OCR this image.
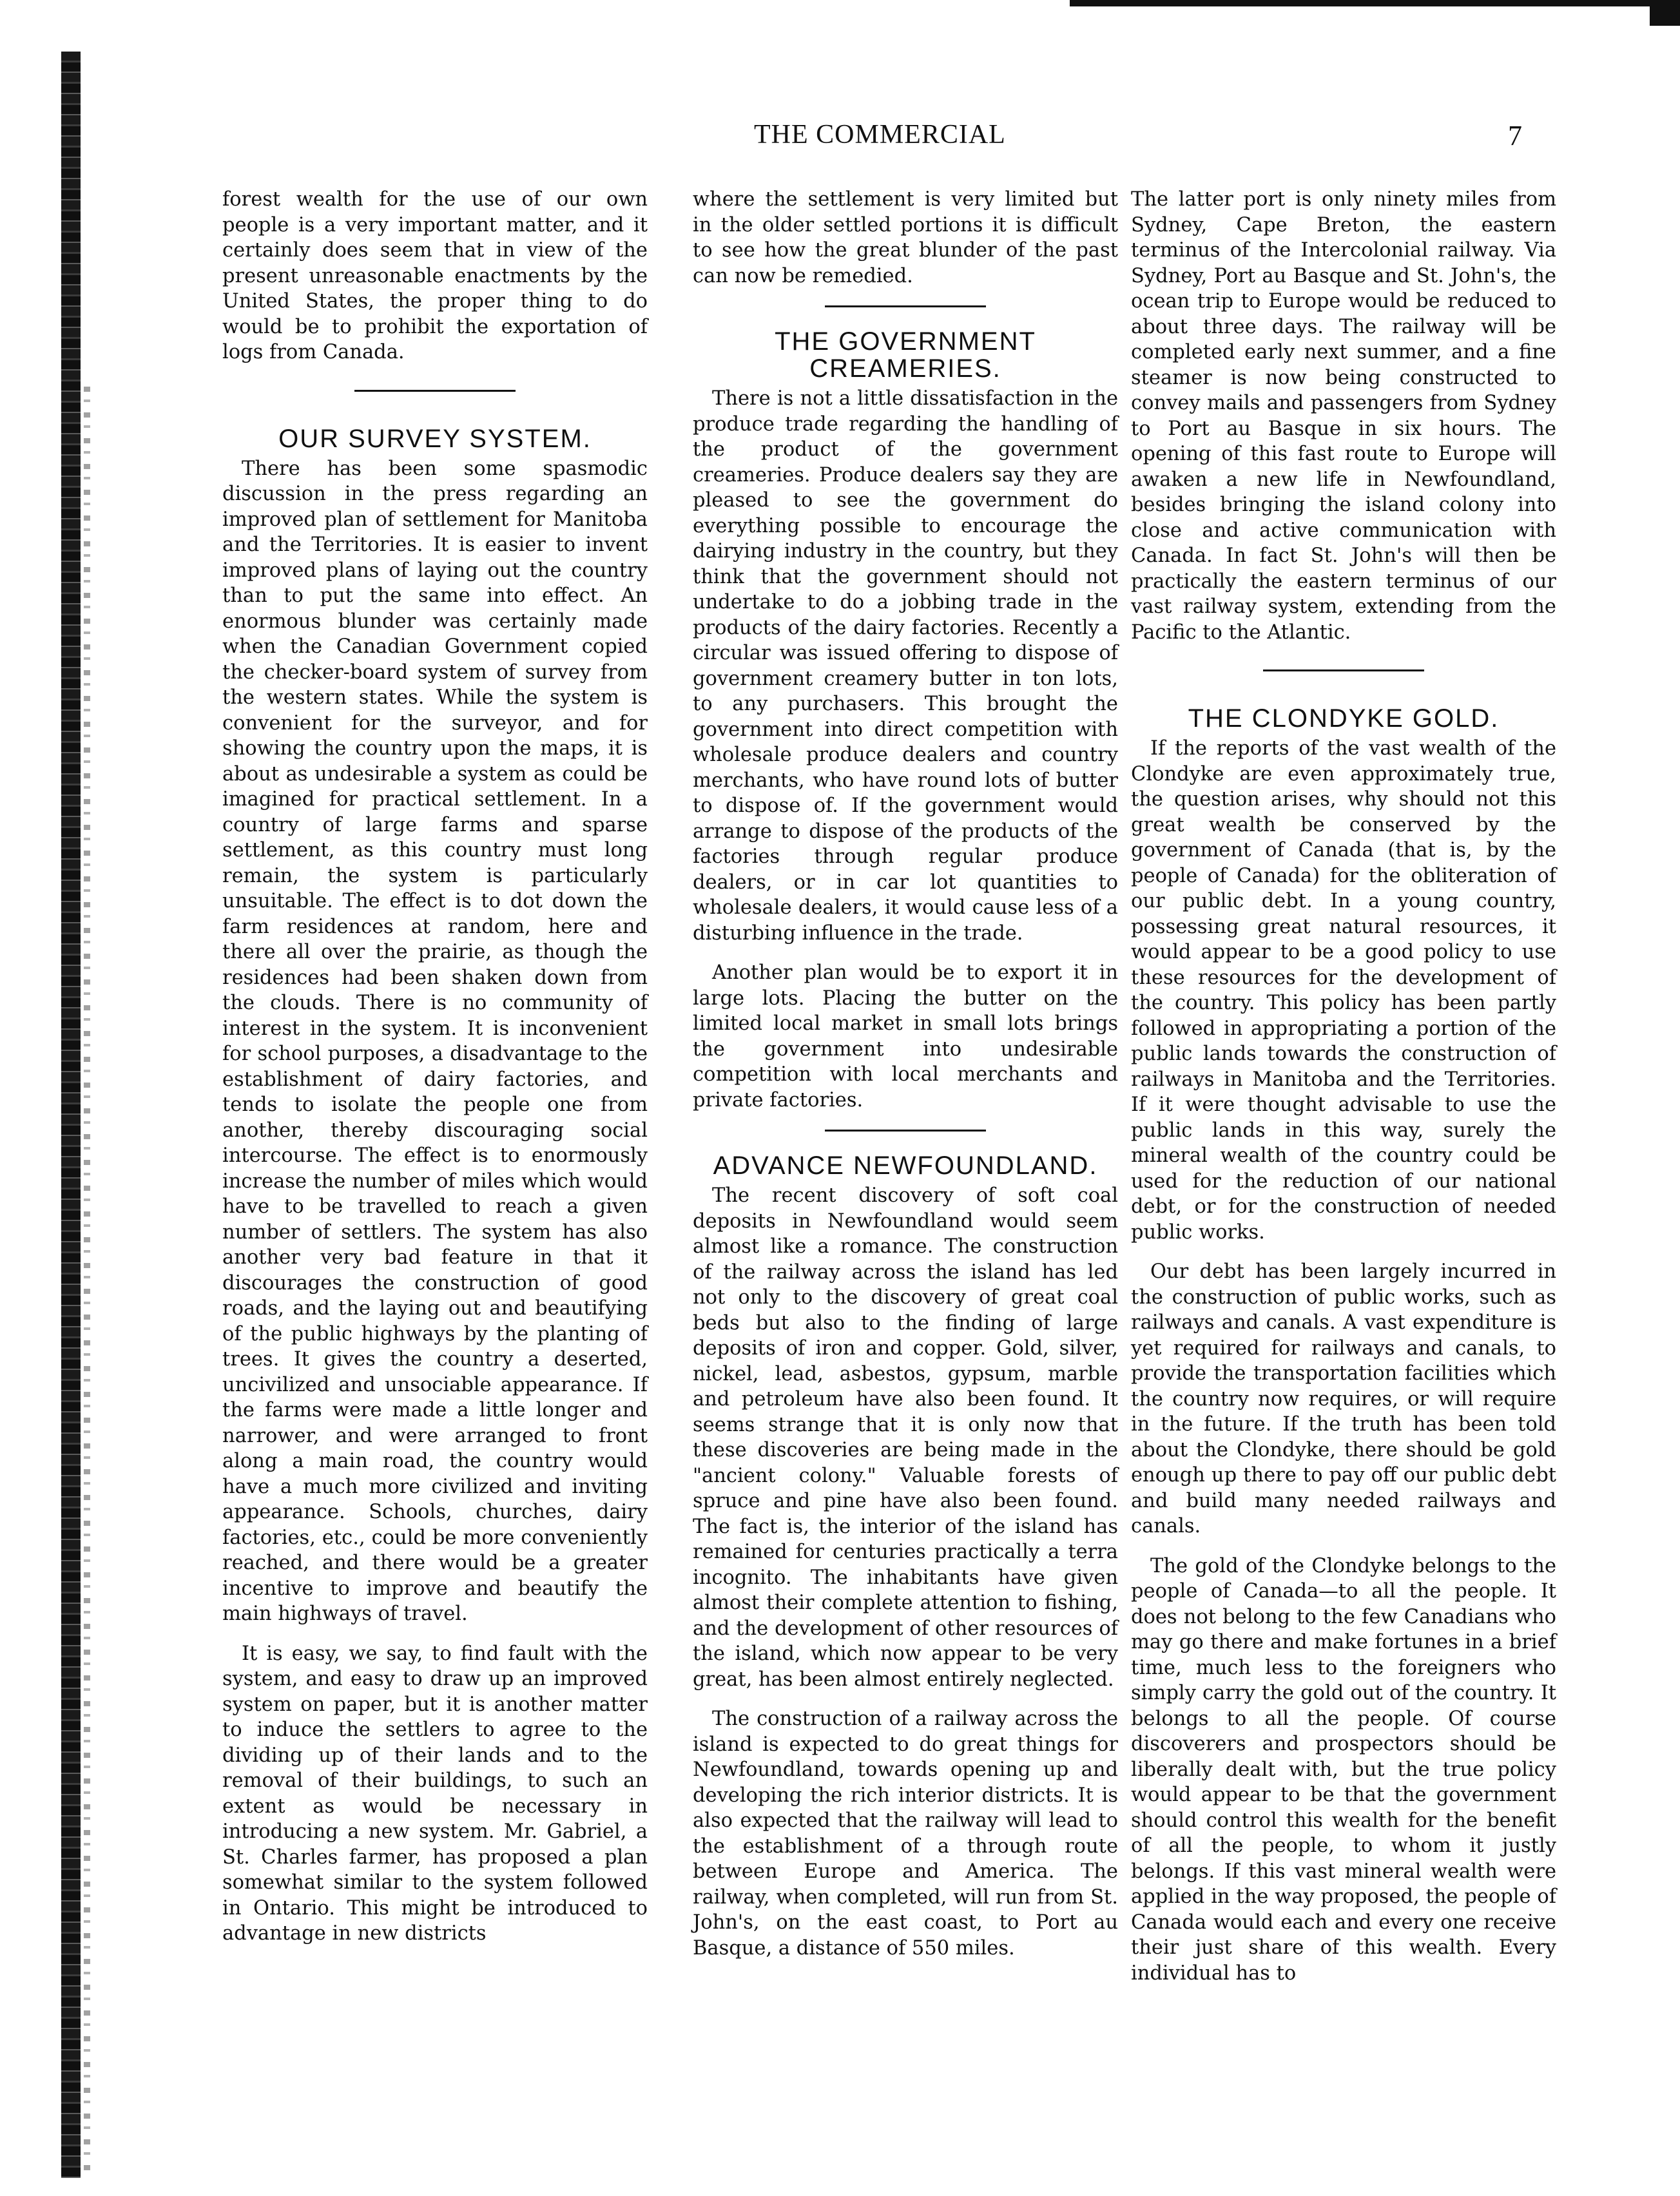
THE COMMERCIAL	7

forest wealth for the use of our own people is a very important matter, and it certainly does seem that in view of the present unreasonable enactments by the United States, the proper thing to do would be to prohibit the exportation of logs from Canada.

OUR SURVEY SYSTEM.

There has been some spasmodic discussion in the press regarding an improved plan of settlement for Manitoba and the Territories. It is easier to invent improved plans of laying out the country than to put the same into effect. An enormous blunder was certainly made when the Canadian Government copied the checker-board system of survey from the western states. While the system is convenient for the surveyor, and for showing the country upon the maps, it is about as undesirable a system as could be imagined for practical settlement. In a country of large farms and sparse settlement, as this country must long remain, the system is particularly unsuitable. The effect is to dot down the farm residences at random, here and there all over the prairie, as though the residences had been shaken down from the clouds. There is no community of interest in the system. It is inconvenient for school purposes, a disadvantage to the establishment of dairy factories, and tends to isolate the people one from another, thereby discouraging social intercourse. The effect is to enormously increase the number of miles which would have to be travelled to reach a given number of settlers. The system has also another very bad feature in that it discourages the construction of good roads, and the laying out and beautifying of the public highways by the planting of trees. It gives the country a deserted, uncivilized and unsociable appearance. If the farms were made a little longer and narrower, and were arranged to front along a main road, the country would have a much more civilized and inviting appearance. Schools, churches, dairy factories, etc., could be more conveniently reached, and there would be a greater incentive to improve and beautify the main highways of travel.

It is easy, we say, to find fault with the system, and easy to draw up an improved system on paper, but it is another matter to induce the settlers to agree to the dividing up of their lands and to the removal of their buildings, to such an extent as would be necessary in introducing a new system. Mr. Gabriel, a St. Charles farmer, has proposed a plan somewhat similar to the system followed in Ontario. This might be introduced to advantage in new districts

where the settlement is very limited but in the older settled portions it is difficult to see how the great blunder of the past can now be remedied.

THE GOVERNMENT CREAMERIES.

There is not a little dissatisfaction in the produce trade regarding the handling of the product of the government creameries. Produce dealers say they are pleased to see the government do everything possible to encourage the dairying industry in the country, but they think that the government should not undertake to do a jobbing trade in the products of the dairy factories. Recently a circular was issued offering to dispose of government creamery butter in ton lots, to any purchasers. This brought the government into direct competition with wholesale produce dealers and country merchants, who have round lots of butter to dispose of. If the government would arrange to dispose of the products of the factories through regular produce dealers, or in car lot quantities to wholesale dealers, it would cause less of a disturbing influence in the trade.

Another plan would be to export it in large lots. Placing the butter on the limited local market in small lots brings the government into undesirable competition with local merchants and private factories.

ADVANCE NEWFOUNDLAND.

The recent discovery of soft coal deposits in Newfoundland would seem almost like a romance. The construction of the railway across the island has led not only to the discovery of great coal beds but also to the finding of large deposits of iron and copper. Gold, silver, nickel, lead, asbestos, gypsum, marble and petroleum have also been found. It seems strange that it is only now that these discoveries are being made in the "ancient colony." Valuable forests of spruce and pine have also been found. The fact is, the interior of the island has remained for centuries practically a terra incognito. The inhabitants have given almost their complete attention to fishing, and the development of other resources of the island, which now appear to be very great, has been almost entirely neglected.

The construction of a railway across the island is expected to do great things for Newfoundland, towards opening up and developing the rich interior districts. It is also expected that the railway will lead to the establishment of a through route between Europe and America. The railway, when completed, will run from St. John's, on the east coast, to Port au Basque, a distance of 550 miles.

The latter port is only ninety miles from Sydney, Cape Breton, the eastern terminus of the Intercolonial railway. Via Sydney, Port au Basque and St. John's, the ocean trip to Europe would be reduced to about three days. The railway will be completed early next summer, and a fine steamer is now being constructed to convey mails and passengers from Sydney to Port au Basque in six hours. The opening of this fast route to Europe will awaken a new life in Newfoundland, besides bringing the island colony into close and active communication with Canada. In fact St. John's will then be practically the eastern terminus of our vast railway system, extending from the Pacific to the Atlantic.

THE CLONDYKE GOLD.

If the reports of the vast wealth of the Clondyke are even approximately true, the question arises, why should not this great wealth be conserved by the government of Canada (that is, by the people of Canada) for the obliteration of our public debt. In a young country, possessing great natural resources, it would appear to be a good policy to use these resources for the development of the country. This policy has been partly followed in appropriating a portion of the public lands towards the construction of railways in Manitoba and the Territories. If it were thought advisable to use the public lands in this way, surely the mineral wealth of the country could be used for the reduction of our national debt, or for the construction of needed public works.

Our debt has been largely incurred in the construction of public works, such as railways and canals. A vast expenditure is yet required for railways and canals, to provide the transportation facilities which the country now requires, or will require in the future. If the truth has been told about the Clondyke, there should be gold enough up there to pay off our public debt and build many needed railways and canals.

The gold of the Clondyke belongs to the people of Canada—to all the people. It does not belong to the few Canadians who may go there and make fortunes in a brief time, much less to the foreigners who simply carry the gold out of the country. It belongs to all the people. Of course discoverers and prospectors should be liberally dealt with, but the true policy would appear to be that the government should control this wealth for the benefit of all the people, to whom it justly belongs. If this vast mineral wealth were applied in the way proposed, the people of Canada would each and every one receive their just share of this wealth. Every individual has to
